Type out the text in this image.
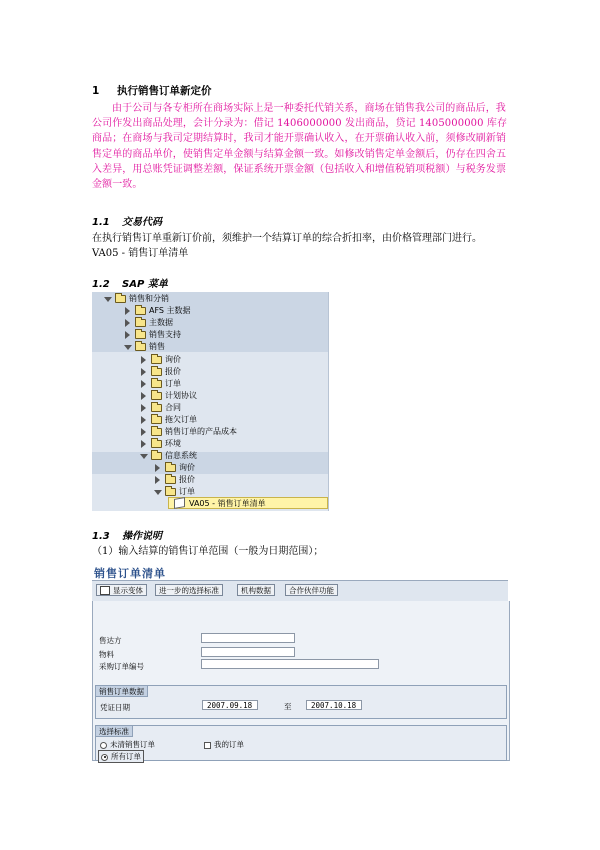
1 执行销售订单新定价
由于公司与各专柜所在商场实际上是一种委托代销关系，商场在销售我公司的商品后，我公司作发出商品处理，会计分录为：借记 1406000000 发出商品，贷记 1405000000 库存商品；在商场与我司定期结算时，我司才能开票确认收入，在开票确认收入前，须修改刷新销售定单的商品单价，使销售定单金额与结算金额一致。如修改销售定单金额后，仍存在四舍五入差异，用总账凭证调整差额，保证系统开票金额（包括收入和增值税销项税额）与税务发票金额一致。
1.1 交易代码
在执行销售订单重新订价前，须维护一个结算订单的综合折扣率，由价格管理部门进行。
VA05 - 销售订单清单
1.2 SAP 菜单
销售和分销
AFS 主数据
主数据
销售支持
销售
询价
报价
订单
计划协议
合同
拖欠订单
销售订单的产品成本
环境
信息系统
询价
报价
订单
VA05 - 销售订单清单
1.3 操作说明
（1）输入结算的销售订单范围（一般为日期范围）；
销售订单清单
显示变体 进一步的选择标准	机构数据 合作伙伴功能
售达方
物料
采购订单编号
销售订单数据
凭证日期	2007.09.18	至	2007.10.18
选择标准
未清销售订单	我的订单
所有订单
